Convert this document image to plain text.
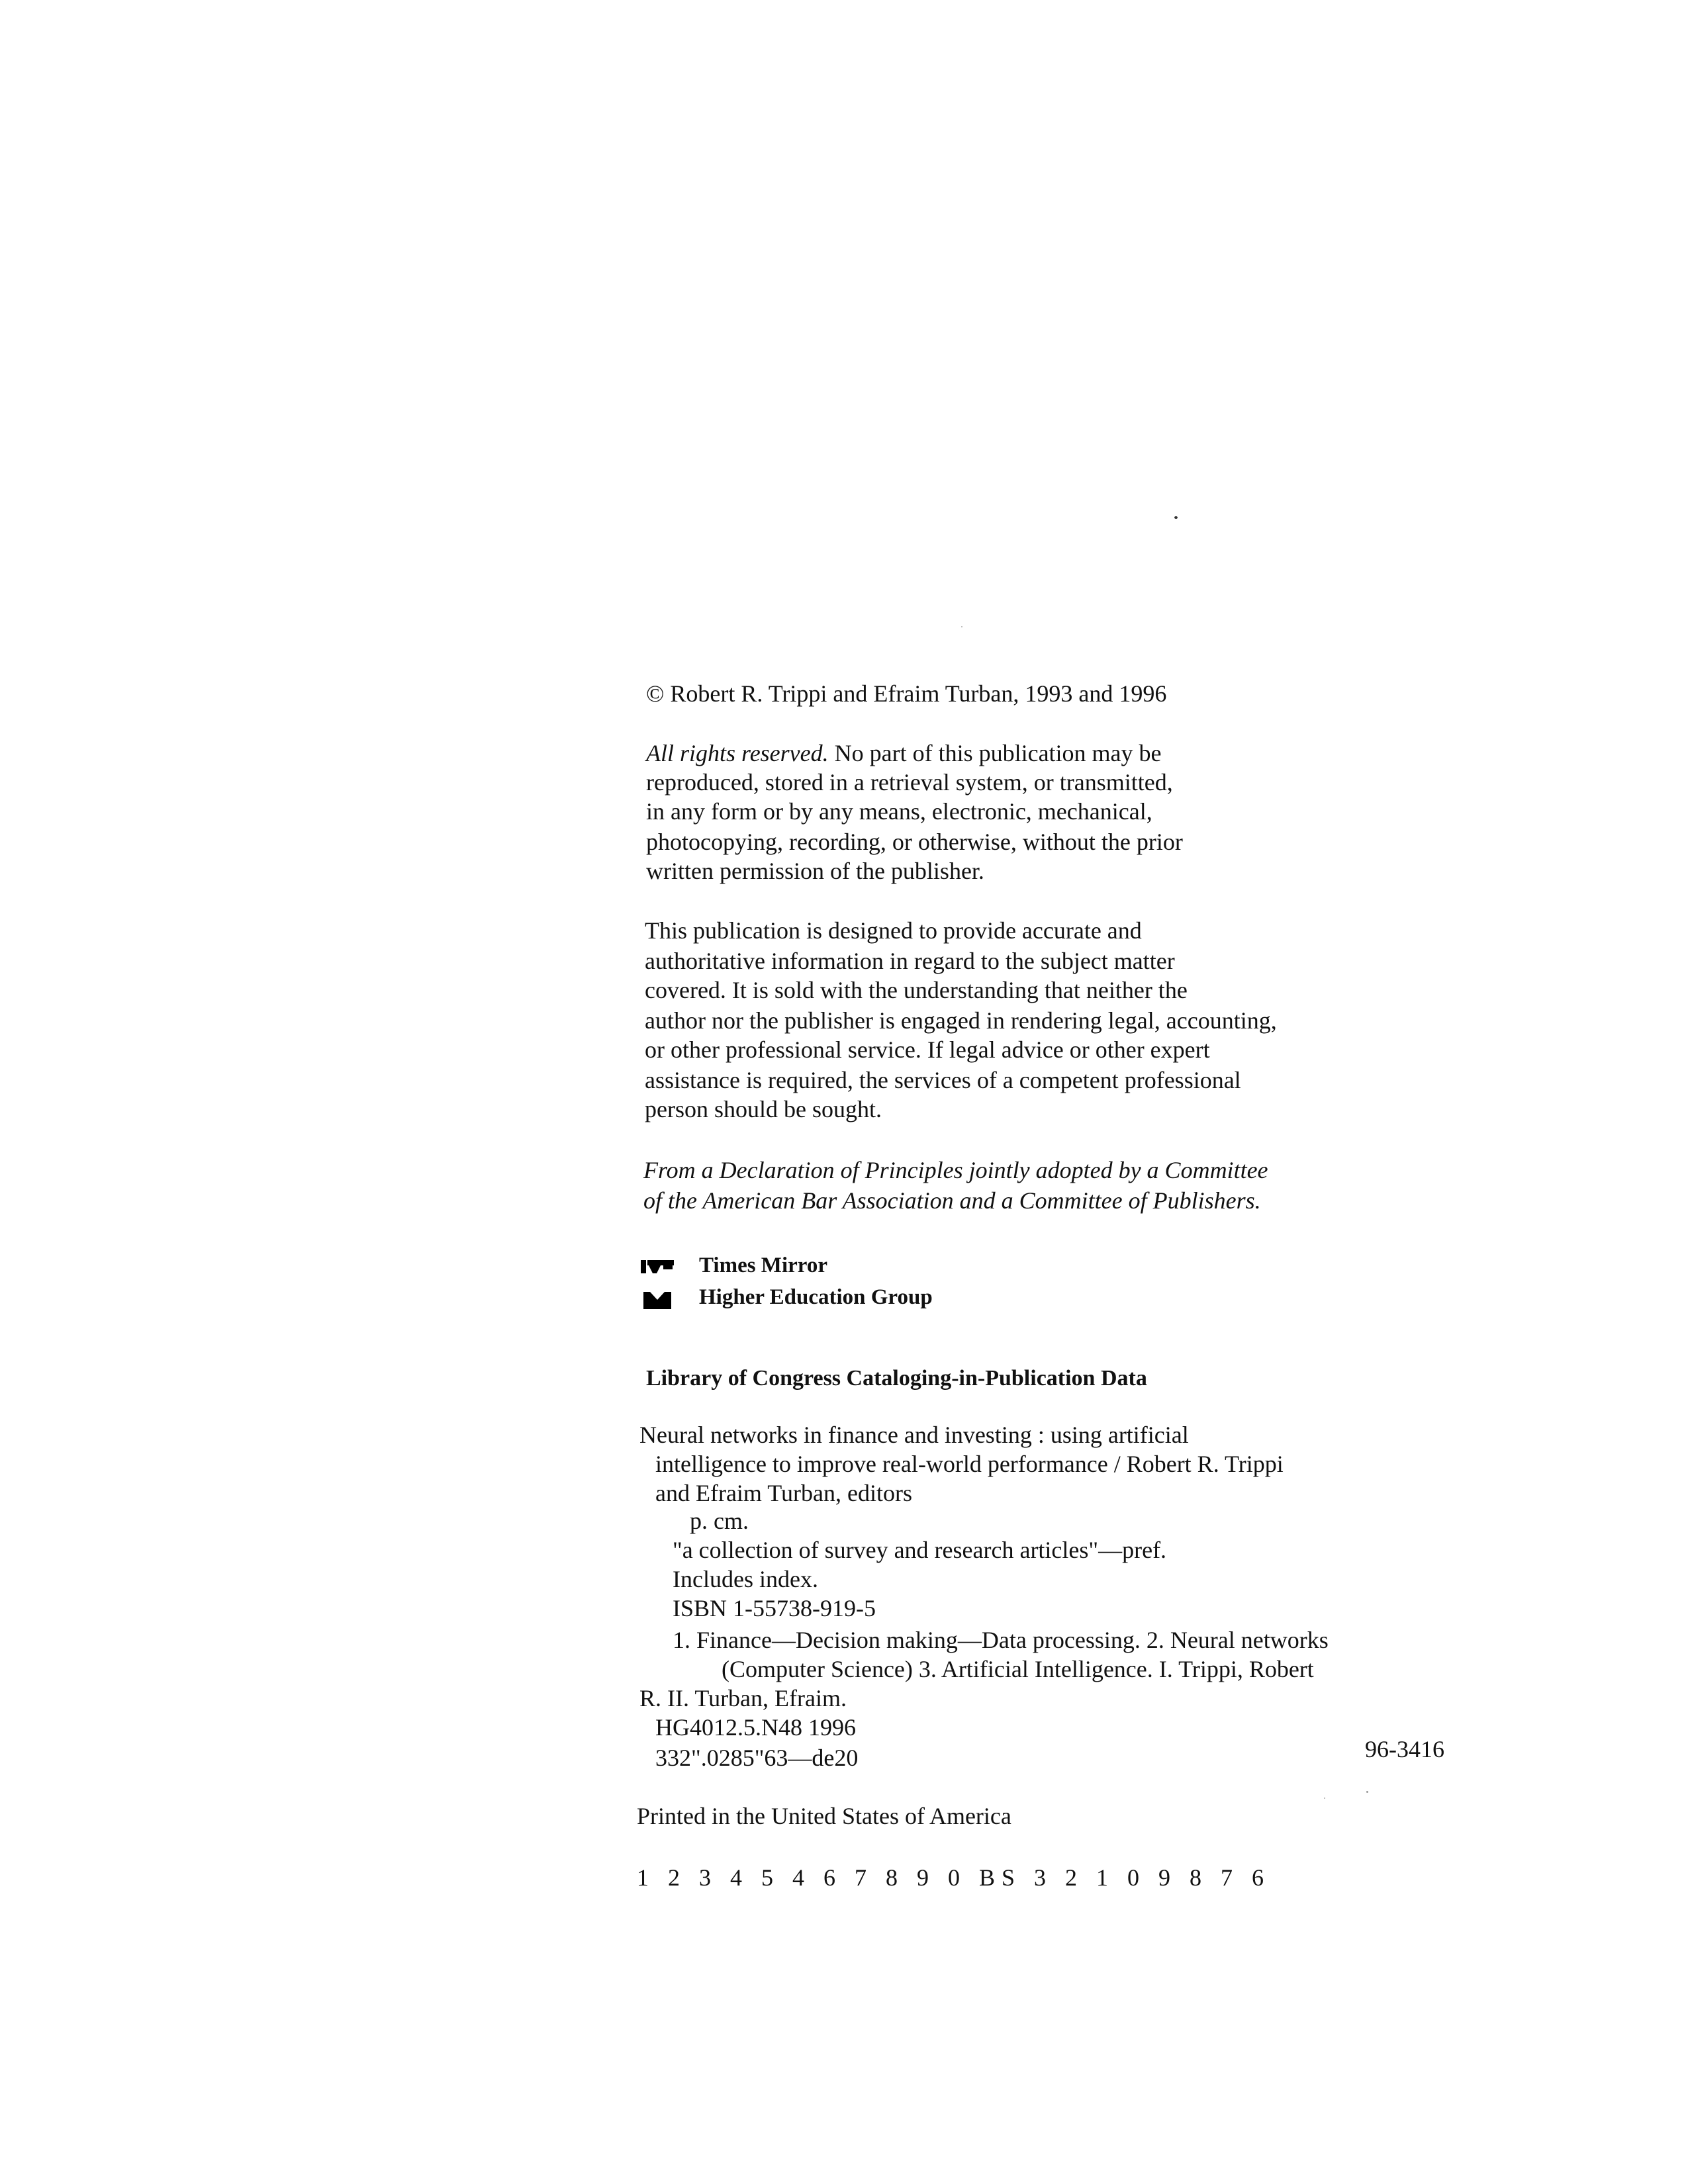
© Robert R. Trippi and Efraim Turban, 1993 and 1996
All rights reserved. No part of this publication may be
reproduced, stored in a retrieval system, or transmitted,
in any form or by any means, electronic, mechanical,
photocopying, recording, or otherwise, without the prior
written permission of the publisher.
This publication is designed to provide accurate and
authoritative information in regard to the subject matter
covered. It is sold with the understanding that neither the
author nor the publisher is engaged in rendering legal, accounting,
or other professional service. If legal advice or other expert
assistance is required, the services of a competent professional
person should be sought.
From a Declaration of Principles jointly adopted by a Committee
of the American Bar Association and a Committee of Publishers.
Times Mirror
Higher Education Group
Library of Congress Cataloging-in-Publication Data
Neural networks in finance and investing : using artificial
intelligence to improve real-world performance / Robert R. Trippi
and Efraim Turban, editors
p. cm.
"a collection of survey and research articles"—pref.
Includes index.
ISBN 1-55738-919-5
1. Finance—Decision making—Data processing. 2. Neural networks
(Computer Science) 3. Artificial Intelligence. I. Trippi, Robert
R. II. Turban, Efraim.
HG4012.5.N48 1996
332".0285"63—de20	96-3416
Printed in the United States of America
1 2 3 4 5 4 6 7 8 9 0 BS 3 2 1 0 9 8 7 6
